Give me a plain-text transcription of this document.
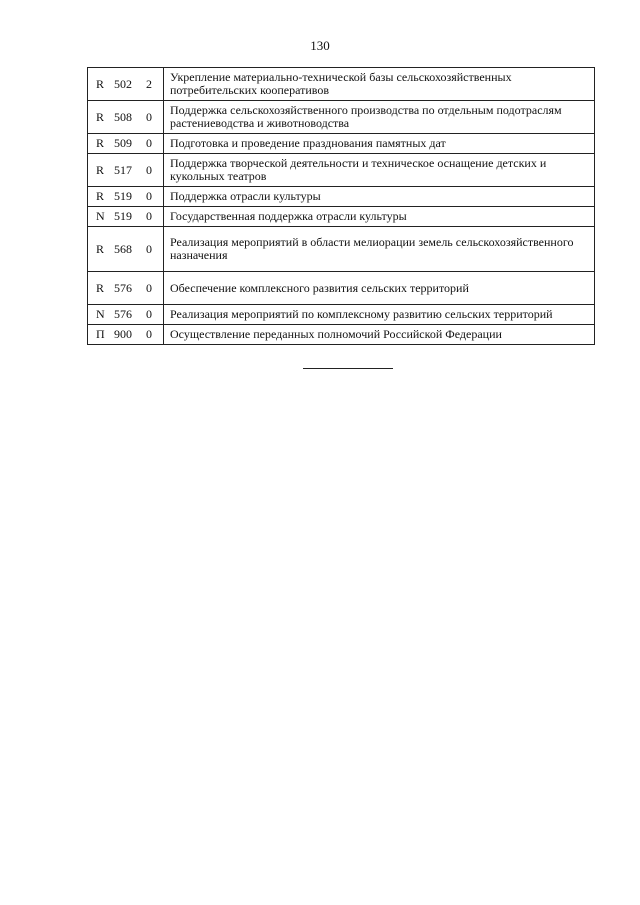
130
R 502 2	Укрепление материально-технической базы сельскохозяйственных потребительских кооперативов
R 508 0	Поддержка сельскохозяйственного производства по отдельным подотраслям растениеводства и животноводства
R 509 0	Подготовка и проведение празднования памятных дат
R 517 0	Поддержка творческой деятельности и техническое оснащение детских и кукольных театров
R 519 0	Поддержка отрасли культуры
N 519 0	Государственная поддержка отрасли культуры
R 568 0	Реализация мероприятий в области мелиорации земель сельскохозяйственного назначения
R 576 0	Обеспечение комплексного развития сельских территорий
N 576 0	Реализация мероприятий по комплексному развитию сельских территорий
П 900 0	Осуществление переданных полномочий Российской Федерации
